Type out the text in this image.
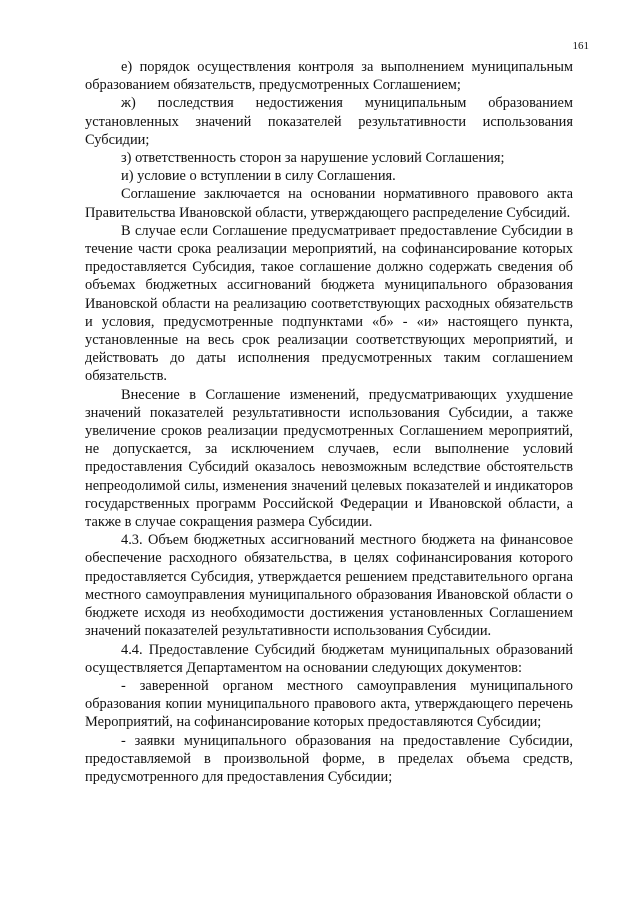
161

е) порядок осуществления контроля за выполнением муниципальным образованием обязательств, предусмотренных Соглашением;

ж) последствия недостижения муниципальным образованием установленных значений показателей результативности использования Субсидии;

з) ответственность сторон за нарушение условий Соглашения;

и) условие о вступлении в силу Соглашения.

Соглашение заключается на основании нормативного правового акта Правительства Ивановской области, утверждающего распределение Субсидий.

В случае если Соглашение предусматривает предоставление Субсидии в течение части срока реализации мероприятий, на софинансирование которых предоставляется Субсидия, такое соглашение должно содержать сведения об объемах бюджетных ассигнований бюджета муниципального образования Ивановской области на реализацию соответствующих расходных обязательств и условия, предусмотренные подпунктами «б» - «и» настоящего пункта, установленные на весь срок реализации соответствующих мероприятий, и действовать до даты исполнения предусмотренных таким соглашением обязательств.

Внесение в Соглашение изменений, предусматривающих ухудшение значений показателей результативности использования Субсидии, а также увеличение сроков реализации предусмотренных Соглашением мероприятий, не допускается, за исключением случаев, если выполнение условий предоставления Субсидий оказалось невозможным вследствие обстоятельств непреодолимой силы, изменения значений целевых показателей и индикаторов государственных программ Российской Федерации и Ивановской области, а также в случае сокращения размера Субсидии.

4.3. Объем бюджетных ассигнований местного бюджета на финансовое обеспечение расходного обязательства, в целях софинансирования которого предоставляется Субсидия, утверждается решением представительного органа местного самоуправления муниципального образования Ивановской области о бюджете исходя из необходимости достижения установленных Соглашением значений показателей результативности использования Субсидии.

4.4. Предоставление Субсидий бюджетам муниципальных образований осуществляется Департаментом на основании следующих документов:

- заверенной органом местного самоуправления муниципального образования копии муниципального правового акта, утверждающего перечень Мероприятий, на софинансирование которых предоставляются Субсидии;

- заявки муниципального образования на предоставление Субсидии, предоставляемой в произвольной форме, в пределах объема средств, предусмотренного для предоставления Субсидии;
